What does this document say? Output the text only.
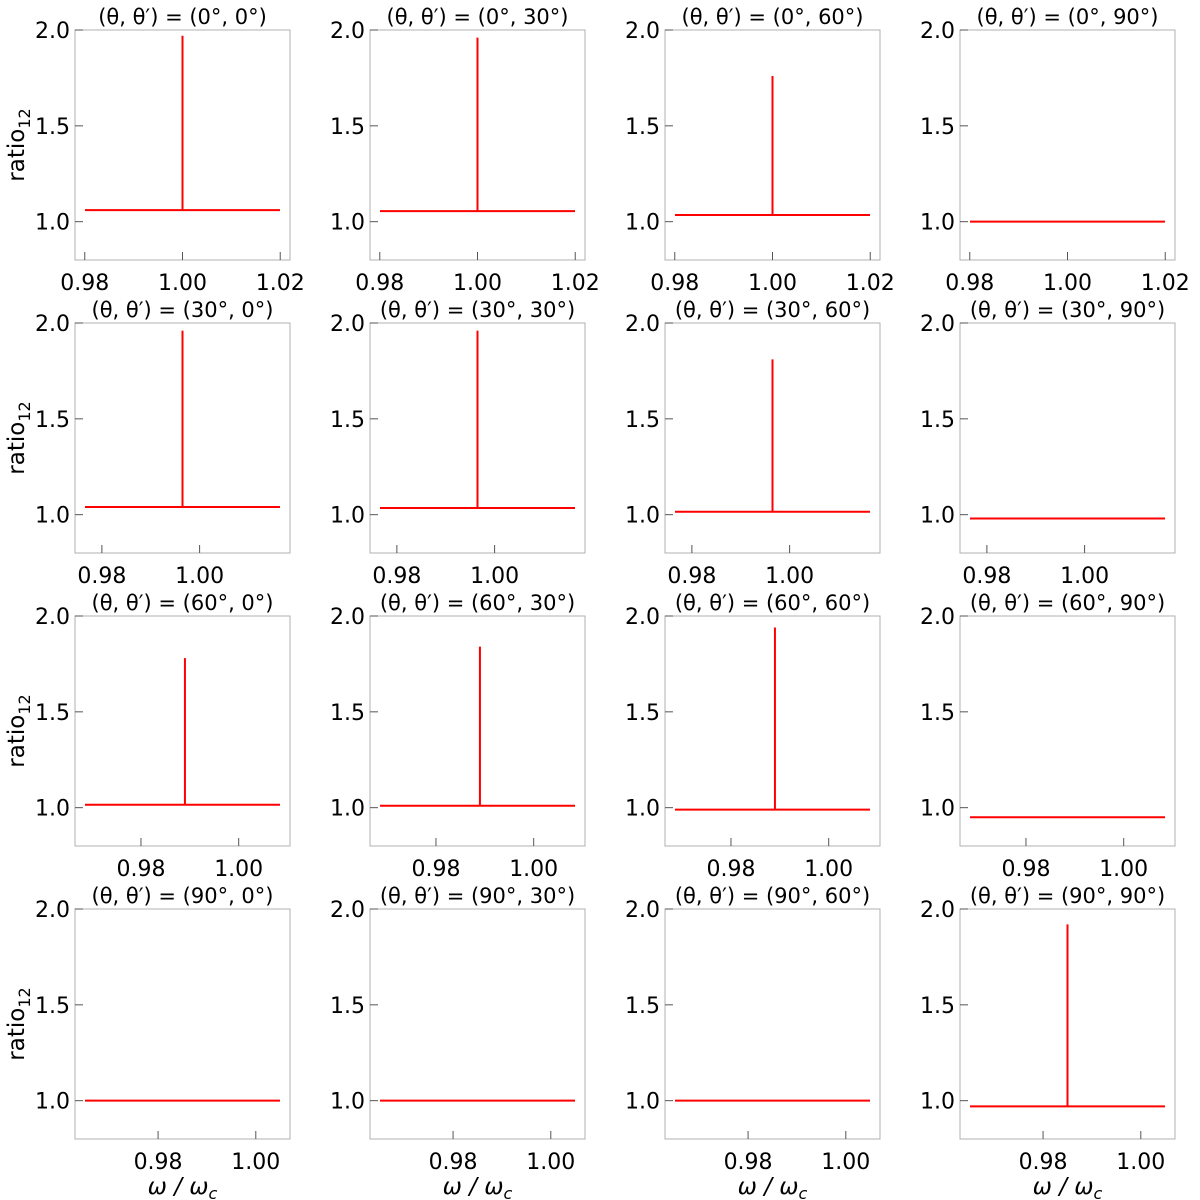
(θ, θ′) = (0°, 0°)
1.0
1.5
2.0
0.98 1.00 1.02
(θ, θ′) = (0°, 30°)
1.0
1.5
2.0
0.98 1.00 1.02
(θ, θ′) = (0°, 60°)
1.0
1.5
2.0
0.98 1.00 1.02
(θ, θ′) = (0°, 90°)
1.0
1.5
2.0
0.98 1.00 1.02
(θ, θ′) = (30°, 0°)
1.0
1.5
2.0
0.98 1.00
(θ, θ′) = (30°, 30°)
1.0
1.5
2.0
0.98 1.00
(θ, θ′) = (30°, 60°)
1.0
1.5
2.0
0.98 1.00
(θ, θ′) = (30°, 90°)
1.0
1.5
2.0
0.98 1.00
(θ, θ′) = (60°, 0°)
1.0
1.5
2.0
0.98 1.00
(θ, θ′) = (60°, 30°)
1.0
1.5
2.0
0.98 1.00
(θ, θ′) = (60°, 60°)
1.0
1.5
2.0
0.98 1.00
(θ, θ′) = (60°, 90°)
1.0
1.5
2.0
0.98 1.00
(θ, θ′) = (90°, 0°)
1.0
1.5
2.0
0.98 1.00
(θ, θ′) = (90°, 30°)
1.0
1.5
2.0
0.98 1.00
(θ, θ′) = (90°, 60°)
1.0
1.5
2.0
0.98 1.00
(θ, θ′) = (90°, 90°)
1.0
1.5
2.0
0.98 1.00
ratio$_{12}$
ratio$_{12}$
ratio$_{12}$
ratio$_{12}$
ω / $\omega_c$	ω / $\omega_c$	ω / $\omega_c$	ω / $\omega_c$
